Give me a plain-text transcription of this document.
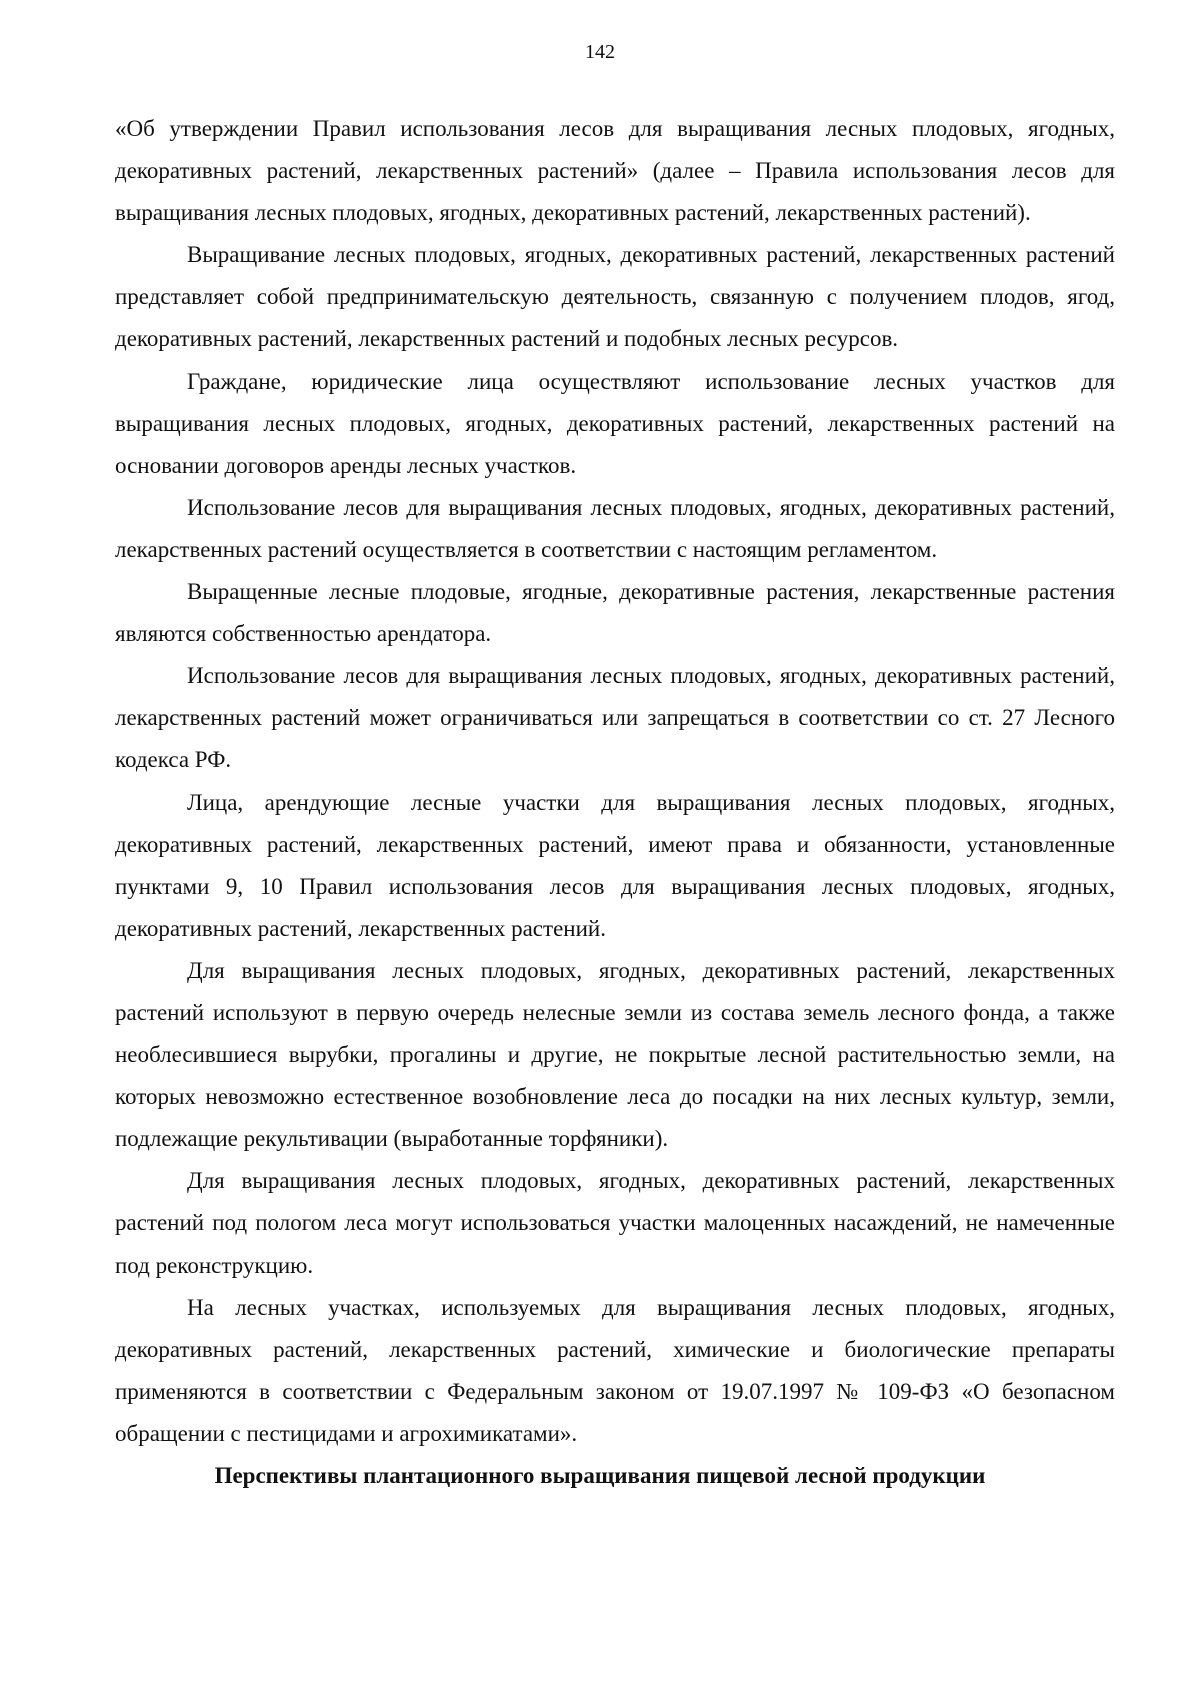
142

«Об утверждении Правил использования лесов для выращивания лесных плодовых, ягодных, декоративных растений, лекарственных растений» (далее – Правила использования лесов для выращивания лесных плодовых, ягодных, декоративных растений, лекарственных растений).

Выращивание лесных плодовых, ягодных, декоративных растений, лекарственных растений представляет собой предпринимательскую деятельность, связанную с получением плодов, ягод, декоративных растений, лекарственных растений и подобных лесных ресурсов.

Граждане, юридические лица осуществляют использование лесных участков для выращивания лесных плодовых, ягодных, декоративных растений, лекарственных растений на основании договоров аренды лесных участков.

Использование лесов для выращивания лесных плодовых, ягодных, декоративных растений, лекарственных растений осуществляется в соответствии с настоящим регламентом.

Выращенные лесные плодовые, ягодные, декоративные растения, лекарственные растения являются собственностью арендатора.

Использование лесов для выращивания лесных плодовых, ягодных, декоративных растений, лекарственных растений может ограничиваться или запрещаться в соответствии со ст. 27 Лесного кодекса РФ.

Лица, арендующие лесные участки для выращивания лесных плодовых, ягодных, декоративных растений, лекарственных растений, имеют права и обязанности, установленные пунктами 9, 10 Правил использования лесов для выращивания лесных плодовых, ягодных, декоративных растений, лекарственных растений.

Для выращивания лесных плодовых, ягодных, декоративных растений, лекарственных растений используют в первую очередь нелесные земли из состава земель лесного фонда, а также необлесившиеся вырубки, прогалины и другие, не покрытые лесной растительностью земли, на которых невозможно естественное возобновление леса до посадки на них лесных культур, земли, подлежащие рекультивации (выработанные торфяники).

Для выращивания лесных плодовых, ягодных, декоративных растений, лекарственных растений под пологом леса могут использоваться участки малоценных насаждений, не намеченные под реконструкцию.

На лесных участках, используемых для выращивания лесных плодовых, ягодных, декоративных растений, лекарственных растений, химические и биологические препараты применяются в соответствии с Федеральным законом от 19.07.1997 № 109-ФЗ «О безопасном обращении с пестицидами и агрохимикатами».

Перспективы плантационного выращивания пищевой лесной продукции
